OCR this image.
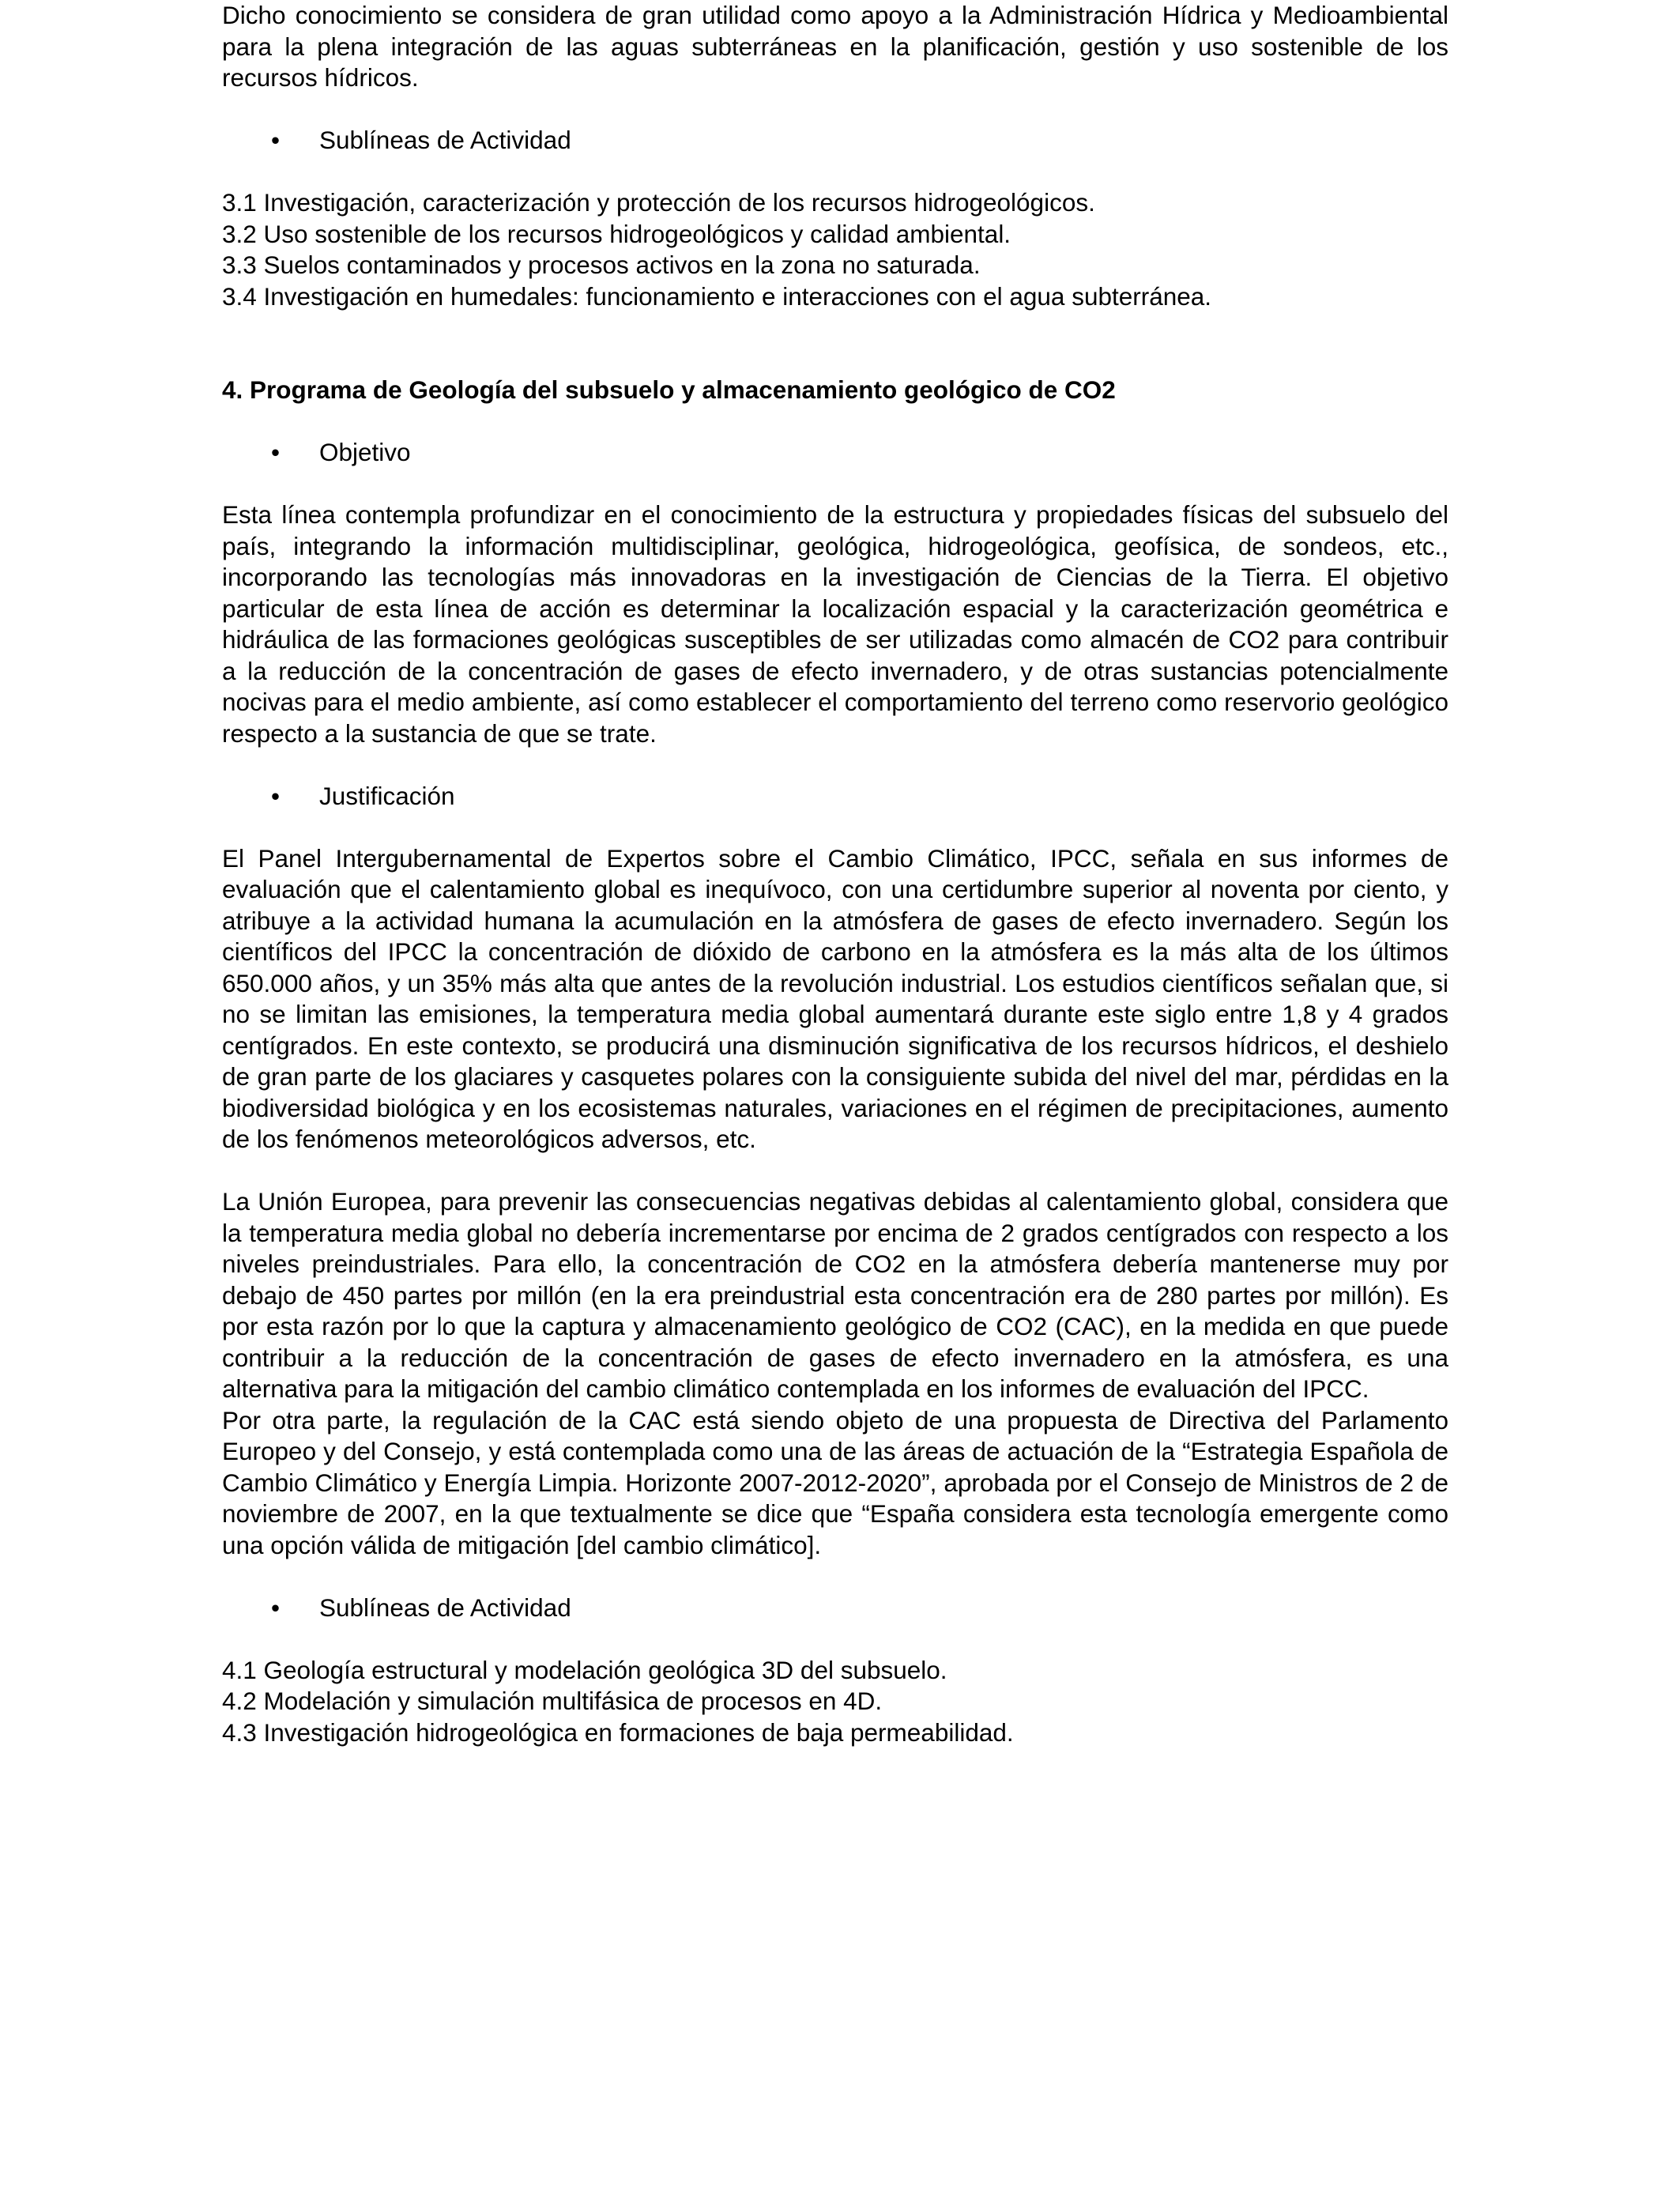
Dicho conocimiento se considera de gran utilidad como apoyo a la Administración Hídrica y Medioambiental para la plena integración de las aguas subterráneas en la planificación, gestión y uso sostenible de los recursos hídricos.

• Sublíneas de Actividad
3.1 Investigación, caracterización y protección de los recursos hidrogeológicos.
3.2 Uso sostenible de los recursos hidrogeológicos y calidad ambiental.
3.3 Suelos contaminados y procesos activos en la zona no saturada.
3.4 Investigación en humedales: funcionamiento e interacciones con el agua subterránea.
4. Programa de Geología del subsuelo y almacenamiento geológico de CO2
• Objetivo

Esta línea contempla profundizar en el conocimiento de la estructura y propiedades físicas del subsuelo del país, integrando la información multidisciplinar, geológica, hidrogeológica, geofísica, de sondeos, etc., incorporando las tecnologías más innovadoras en la investigación de Ciencias de la Tierra. El objetivo particular de esta línea de acción es determinar la localización espacial y la caracterización geométrica e hidráulica de las formaciones geológicas susceptibles de ser utilizadas como almacén de CO2 para contribuir a la reducción de la concentración de gases de efecto invernadero, y de otras sustancias potencialmente nocivas para el medio ambiente, así como establecer el comportamiento del terreno como reservorio geológico respecto a la sustancia de que se trate.

• Justificación

El Panel Intergubernamental de Expertos sobre el Cambio Climático, IPCC, señala en sus informes de evaluación que el calentamiento global es inequívoco, con una certidumbre superior al noventa por ciento, y atribuye a la actividad humana la acumulación en la atmósfera de gases de efecto invernadero. Según los científicos del IPCC la concentración de dióxido de carbono en la atmósfera es la más alta de los últimos 650.000 años, y un 35% más alta que antes de la revolución industrial. Los estudios científicos señalan que, si no se limitan las emisiones, la temperatura media global aumentará durante este siglo entre 1,8 y 4 grados centígrados. En este contexto, se producirá una disminución significativa de los recursos hídricos, el deshielo de gran parte de los glaciares y casquetes polares con la consiguiente subida del nivel del mar, pérdidas en la biodiversidad biológica y en los ecosistemas naturales, variaciones en el régimen de precipitaciones, aumento de los fenómenos meteorológicos adversos, etc.

La Unión Europea, para prevenir las consecuencias negativas debidas al calentamiento global, considera que la temperatura media global no debería incrementarse por encima de 2 grados centígrados con respecto a los niveles preindustriales. Para ello, la concentración de CO2 en la atmósfera debería mantenerse muy por debajo de 450 partes por millón (en la era preindustrial esta concentración era de 280 partes por millón). Es por esta razón por lo que la captura y almacenamiento geológico de CO2 (CAC), en la medida en que puede contribuir a la reducción de la concentración de gases de efecto invernadero en la atmósfera, es una alternativa para la mitigación del cambio climático contemplada en los informes de evaluación del IPCC.

Por otra parte, la regulación de la CAC está siendo objeto de una propuesta de Directiva del Parlamento Europeo y del Consejo, y está contemplada como una de las áreas de actuación de la “Estrategia Española de Cambio Climático y Energía Limpia. Horizonte 2007-2012-2020”, aprobada por el Consejo de Ministros de 2 de noviembre de 2007, en la que textualmente se dice que “España considera esta tecnología emergente como una opción válida de mitigación [del cambio climático].

• Sublíneas de Actividad
4.1 Geología estructural y modelación geológica 3D del subsuelo.
4.2 Modelación y simulación multifásica de procesos en 4D.
4.3 Investigación hidrogeológica en formaciones de baja permeabilidad.
